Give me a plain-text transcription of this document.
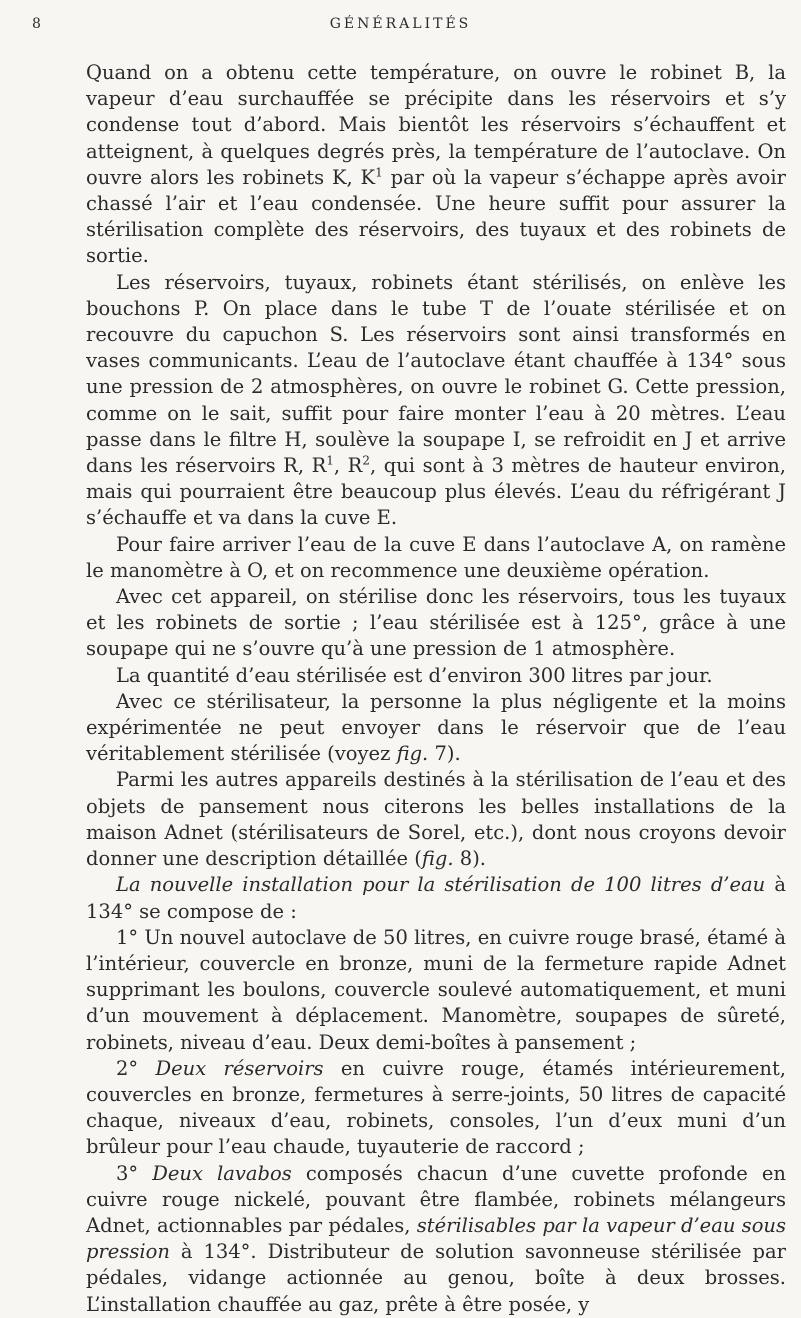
8	GÉNÉRALITÉS

Quand on a obtenu cette température, on ouvre le robinet B, la vapeur d’eau surchauffée se précipite dans les réservoirs et s’y condense tout d’abord. Mais bientôt les réservoirs s’échauffent et atteignent, à quelques degrés près, la température de l’autoclave. On ouvre alors les robinets K, $K^1$ par où la vapeur s’échappe après avoir chassé l’air et l’eau condensée. Une heure suffit pour assurer la stérilisation complète des réservoirs, des tuyaux et des robinets de sortie.

Les réservoirs, tuyaux, robinets étant stérilisés, on enlève les bouchons P. On place dans le tube T de l’ouate stérilisée et on recouvre du capuchon S. Les réservoirs sont ainsi transformés en vases communicants. L’eau de l’autoclave étant chauffée à 134° sous une pression de 2 atmosphères, on ouvre le robinet G. Cette pression, comme on le sait, suffit pour faire monter l’eau à 20 mètres. L’eau passe dans le filtre H, soulève la soupape I, se refroidit en J et arrive dans les réservoirs R, $R^1$, $R^2$, qui sont à 3 mètres de hauteur environ, mais qui pourraient être beaucoup plus élevés. L’eau du réfrigérant J s’échauffe et va dans la cuve E.

Pour faire arriver l’eau de la cuve E dans l’autoclave A, on ramène le manomètre à O, et on recommence une deuxième opération.

Avec cet appareil, on stérilise donc les réservoirs, tous les tuyaux et les robinets de sortie ; l’eau stérilisée est à 125°, grâce à une soupape qui ne s’ouvre qu’à une pression de 1 atmosphère.

La quantité d’eau stérilisée est d’environ 300 litres par jour.

Avec ce stérilisateur, la personne la plus négligente et la moins expérimentée ne peut envoyer dans le réservoir que de l’eau véritablement stérilisée (voyez fig. 7).

Parmi les autres appareils destinés à la stérilisation de l’eau et des objets de pansement nous citerons les belles installations de la maison Adnet (stérilisateurs de Sorel, etc.), dont nous croyons devoir donner une description détaillée (fig. 8).

La nouvelle installation pour la stérilisation de 100 litres d’eau à 134° se compose de :

1° Un nouvel autoclave de 50 litres, en cuivre rouge brasé, étamé à l’intérieur, couvercle en bronze, muni de la fermeture rapide Adnet supprimant les boulons, couvercle soulevé automatiquement, et muni d’un mouvement à déplacement. Manomètre, soupapes de sûreté, robinets, niveau d’eau. Deux demi-boîtes à pansement ;

2° Deux réservoirs en cuivre rouge, étamés intérieurement, couvercles en bronze, fermetures à serre-joints, 50 litres de capacité chaque, niveaux d’eau, robinets, consoles, l’un d’eux muni d’un brûleur pour l’eau chaude, tuyauterie de raccord ;

3° Deux lavabos composés chacun d’une cuvette profonde en cuivre rouge nickelé, pouvant être flambée, robinets mélangeurs Adnet, actionnables par pédales, stérilisables par la vapeur d’eau sous pression à 134°. Distributeur de solution savonneuse stérilisée par pédales, vidange actionnée au genou, boîte à deux brosses. L’installation chauffée au gaz, prête à être posée, y
